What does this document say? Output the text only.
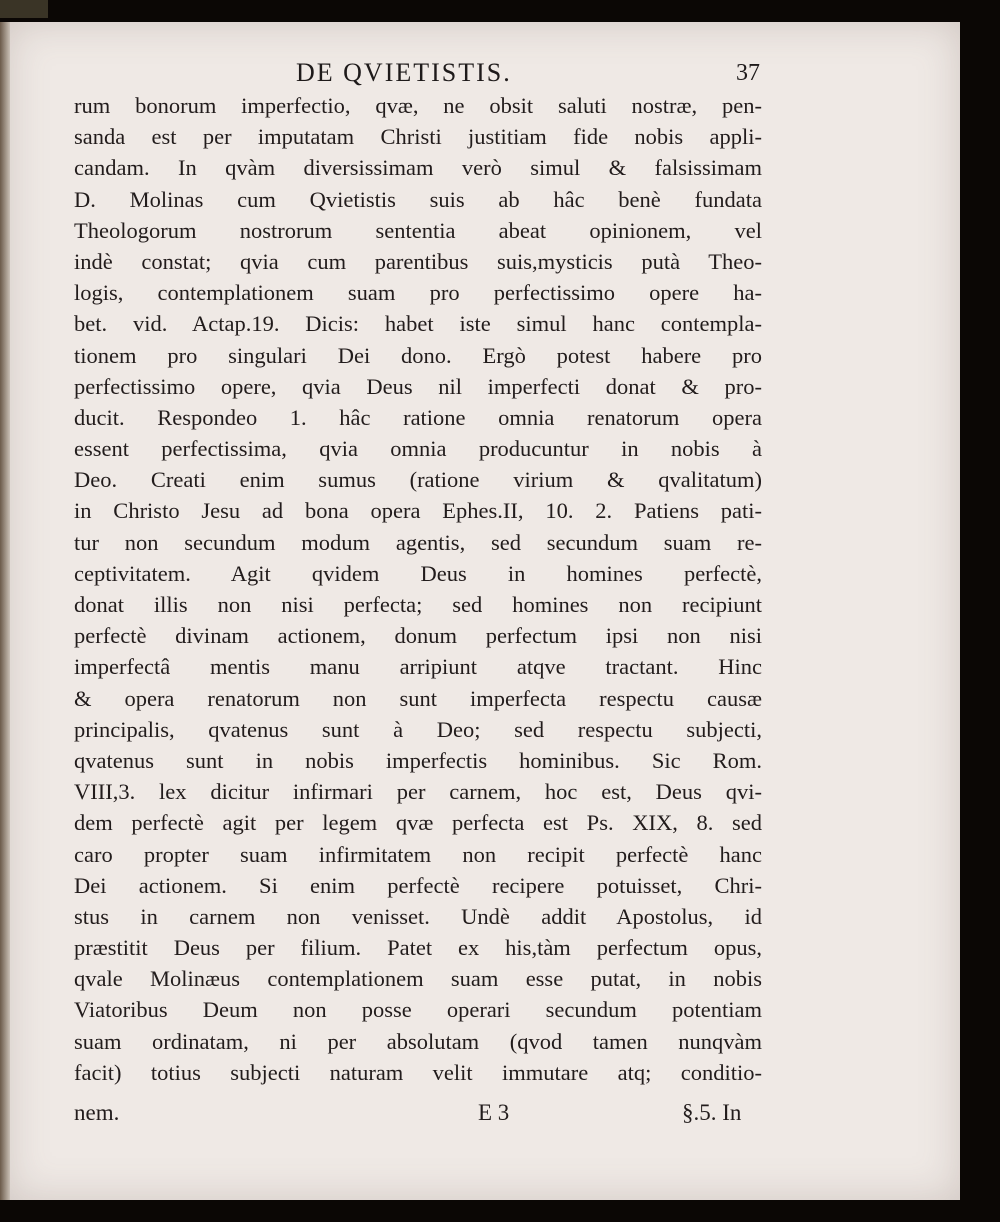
DE QVIETISTIS.	37
rum bonorum imperfectio, qvæ, ne obsit saluti nostræ, pen-
sanda est per imputatam Christi justitiam fide nobis appli-
candam. In qvàm diversissimam verò simul & falsissimam
D. Molinas cum Qvietistis suis ab hâc benè fundata
Theologorum nostrorum sententia abeat opinionem, vel
indè constat; qvia cum parentibus suis,mysticis putà Theo-
logis, contemplationem suam pro perfectissimo opere ha-
bet. vid. Actap.19. Dicis: habet iste simul hanc contempla-
tionem pro singulari Dei dono. Ergò potest habere pro
perfectissimo opere, qvia Deus nil imperfecti donat & pro-
ducit. Respondeo 1. hâc ratione omnia renatorum opera
essent perfectissima, qvia omnia producuntur in nobis à
Deo. Creati enim sumus (ratione virium & qvalitatum)
in Christo Jesu ad bona opera Ephes.II, 10. 2. Patiens pati-
tur non secundum modum agentis, sed secundum suam re-
ceptivitatem. Agit qvidem Deus in homines perfectè,
donat illis non nisi perfecta; sed homines non recipiunt
perfectè divinam actionem, donum perfectum ipsi non nisi
imperfectâ mentis manu arripiunt atqve tractant. Hinc
& opera renatorum non sunt imperfecta respectu causæ
principalis, qvatenus sunt à Deo; sed respectu subjecti,
qvatenus sunt in nobis imperfectis hominibus. Sic Rom.
VIII,3. lex dicitur infirmari per carnem, hoc est, Deus qvi-
dem perfectè agit per legem qvæ perfecta est Ps. XIX, 8. sed
caro propter suam infirmitatem non recipit perfectè hanc
Dei actionem. Si enim perfectè recipere potuisset, Chri-
stus in carnem non venisset. Undè addit Apostolus, id
præstitit Deus per filium. Patet ex his,tàm perfectum opus,
qvale Molinæus contemplationem suam esse putat, in nobis
Viatoribus Deum non posse operari secundum potentiam
suam ordinatam, ni per absolutam (qvod tamen nunqvàm
facit) totius subjecti naturam velit immutare atq; conditio-
nem.	E 3	§.5. In
